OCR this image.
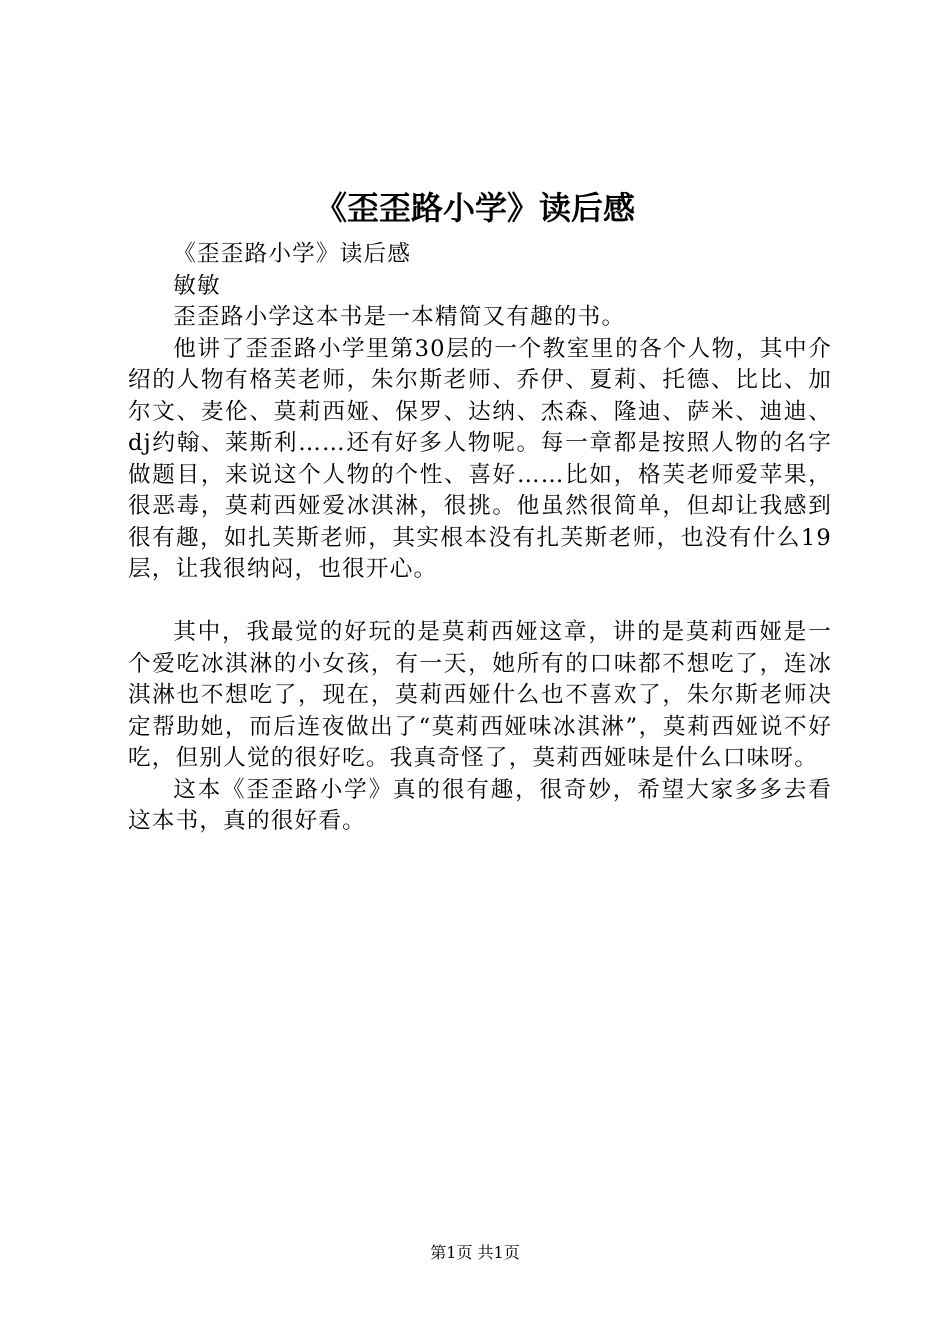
《歪歪路小学》读后感

《歪歪路小学》读后感

敏敏

歪歪路小学这本书是一本精简又有趣的书。

他讲了歪歪路小学里第30层的一个教室里的各个人物，其中介绍的人物有格芙老师，朱尔斯老师、乔伊、夏莉、托德、比比、加尔文、麦伦、莫莉西娅、保罗、达纳、杰森、隆迪、萨米、迪迪、dj约翰、莱斯利……还有好多人物呢。每一章都是按照人物的名字做题目，来说这个人物的个性、喜好……比如，格芙老师爱苹果，很恶毒，莫莉西娅爱冰淇淋，很挑。他虽然很简单，但却让我感到很有趣，如扎芙斯老师，其实根本没有扎芙斯老师，也没有什么19层，让我很纳闷，也很开心。

其中，我最觉的好玩的是莫莉西娅这章，讲的是莫莉西娅是一个爱吃冰淇淋的小女孩，有一天，她所有的口味都不想吃了，连冰淇淋也不想吃了，现在，莫莉西娅什么也不喜欢了，朱尔斯老师决定帮助她，而后连夜做出了“莫莉西娅味冰淇淋”，莫莉西娅说不好吃，但别人觉的很好吃。我真奇怪了，莫莉西娅味是什么口味呀。

这本《歪歪路小学》真的很有趣，很奇妙，希望大家多多去看这本书，真的很好看。

第1页 共1页
